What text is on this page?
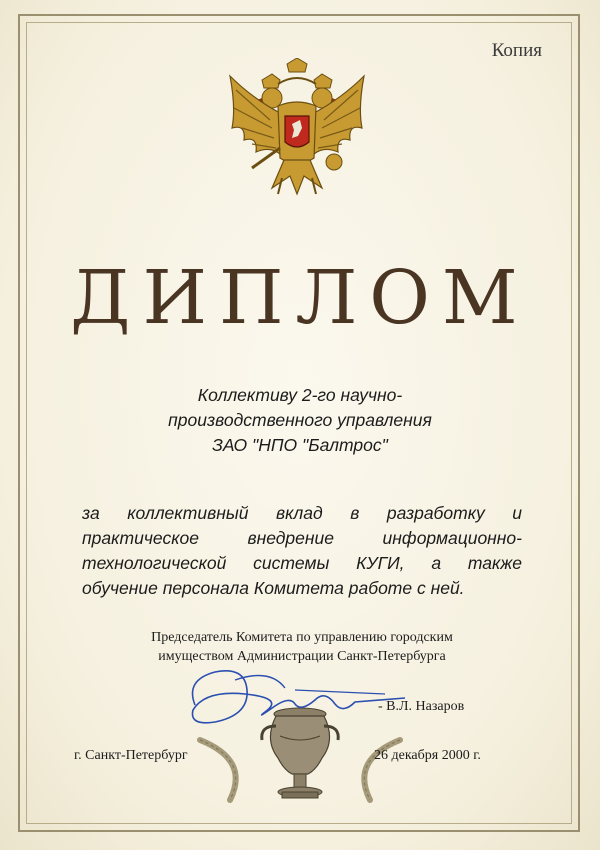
Копия
ДИПЛОМ
Коллективу 2-го научно-
производственного управления
ЗАО "НПО "Балтрос"
за коллективный вклад в разработку и
практическое внедрение информационно-
технологической системы КУГИ, а также
обучение персонала Комитета работе с ней.
Председатель Комитета по управлению городским
имуществом Администрации Санкт-Петербурга
- В.Л. Назаров
г. Санкт-Петербург	26 декабря 2000 г.
